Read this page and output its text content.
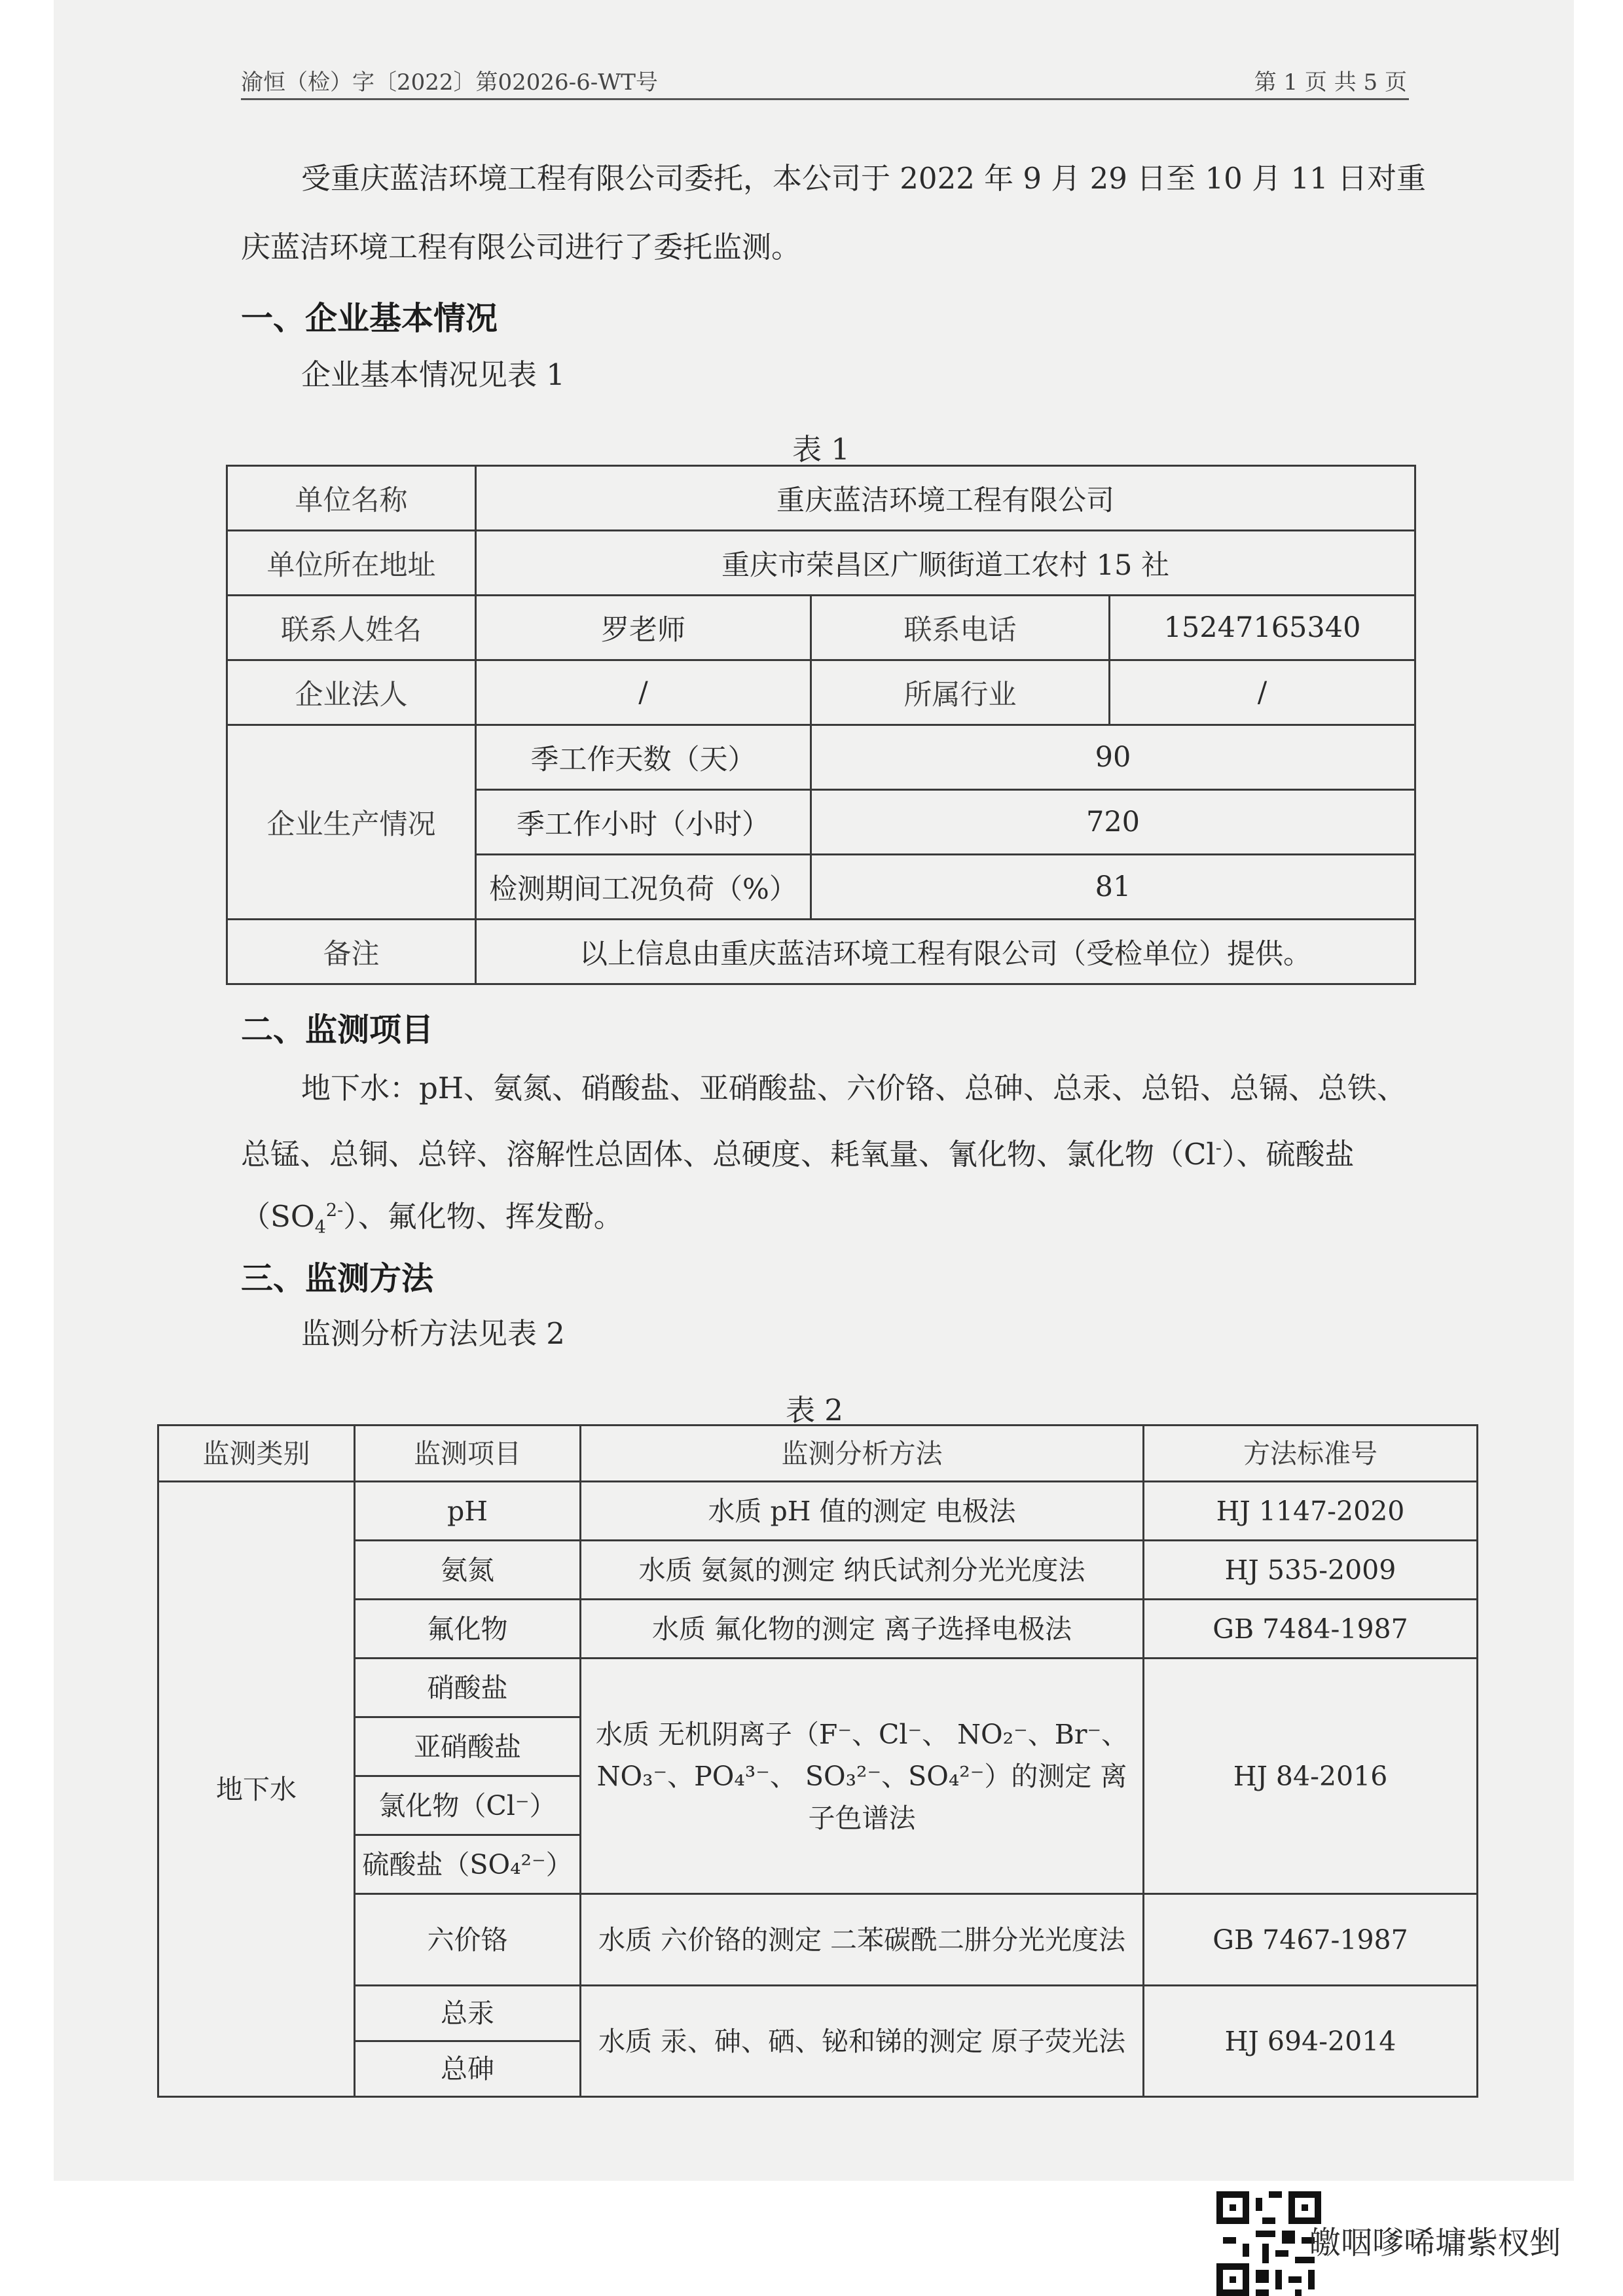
渝恒（检）字〔2022〕第02026-6-WT号	第 1 页 共 5 页
受重庆蓝洁环境工程有限公司委托，本公司于 2022 年 9 月 29 日至 10 月 11 日对重
庆蓝洁环境工程有限公司进行了委托监测。
一、企业基本情况
企业基本情况见表 1
表 1
单位名称	重庆蓝洁环境工程有限公司		
单位所在地址	重庆市荣昌区广顺街道工农村 15 社		
联系人姓名	罗老师	联系电话	15247165340
企业法人	/	所属行业	/
企业生产情况	季工作天数（天）	90	
	季工作小时（小时）	720	
	检测期间工况负荷（%）	81	
备注	以上信息由重庆蓝洁环境工程有限公司（受检单位）提供。		
二、监测项目
地下水：pH、氨氮、硝酸盐、亚硝酸盐、六价铬、总砷、总汞、总铅、总镉、总铁、
总锰、总铜、总锌、溶解性总固体、总硬度、耗氧量、氰化物、氯化物（Cl-）、硫酸盐
$(SO_4^{2-})$、氟化物、挥发酚。
三、监测方法
监测分析方法见表 2
表 2
监测类别	监测项目	监测分析方法	方法标准号
地下水	pH	水质 pH 值的测定 电极法	HJ 1147-2020
	氨氮	水质 氨氮的测定 纳氏试剂分光光度法	HJ 535-2009
	氟化物	水质 氟化物的测定 离子选择电极法	GB 7484-1987
	硝酸盐	水质 无机阴离子（F⁻、Cl⁻、 NO₂⁻、Br⁻、NO₃⁻、PO₄³⁻、 SO₃²⁻、SO₄²⁻）的测定 离子色谱法	HJ 84-2016
	亚硝酸盐		
	氯化物（Cl⁻）		
	硫酸盐（SO₄²⁻）		
	六价铬	水质 六价铬的测定 二苯碳酰二肼分光光度法	GB 7467-1987
	总汞	水质 汞、砷、硒、铋和锑的测定 原子荧光法	HJ 694-2014
	总砷		
皦咽嗲唏墉紫杈剉
